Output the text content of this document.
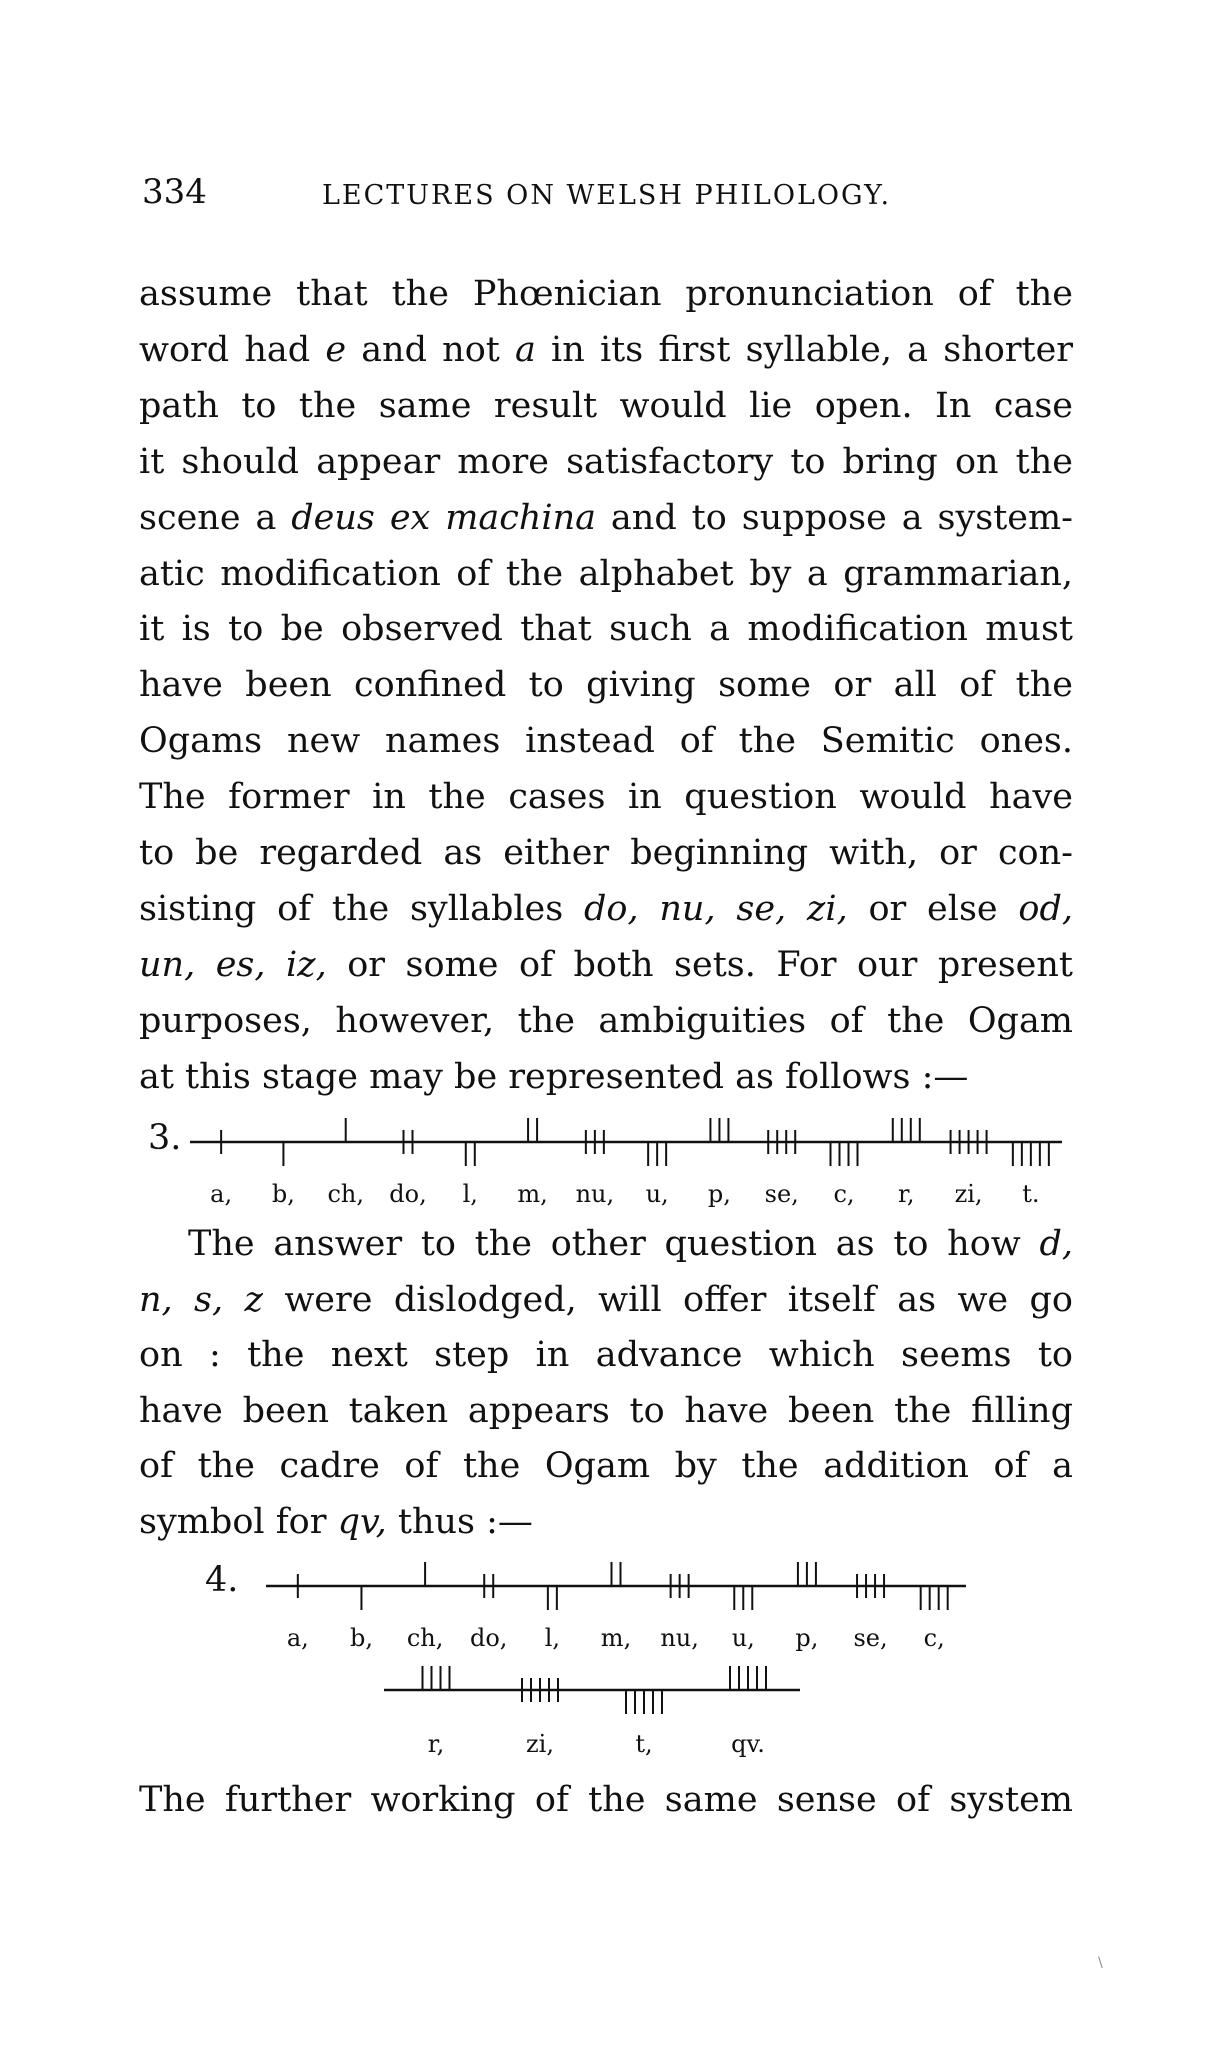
334	LECTURES ON WELSH PHILOLOGY.
assume that the Phœnician pronunciation of the
word had e and not a in its first syllable, a shorter
path to the same result would lie open. In case
it should appear more satisfactory to bring on the
scene a deus ex machina and to suppose a system-
atic modification of the alphabet by a grammarian,
it is to be observed that such a modification must
have been confined to giving some or all of the
Ogams new names instead of the Semitic ones.
The former in the cases in question would have
to be regarded as either beginning with, or con-
sisting of the syllables do, nu, se, zi, or else od,
un, es, iz, or some of both sets. For our present
purposes, however, the ambiguities of the Ogam
at this stage may be represented as follows :—
The answer to the other question as to how d,
n, s, z were dislodged, will offer itself as we go
on : the next step in advance which seems to
have been taken appears to have been the filling
of the cadre of the Ogam by the addition of a
symbol for qv, thus :—
The further working of the same sense of system
3.
a, b, ch, do, l, m, nu, u, p, se, c, r, zi, t.
4.
a, b, ch, do, l, m, nu, u, p, se, c,
r,	zi,	t,	qv.
\
